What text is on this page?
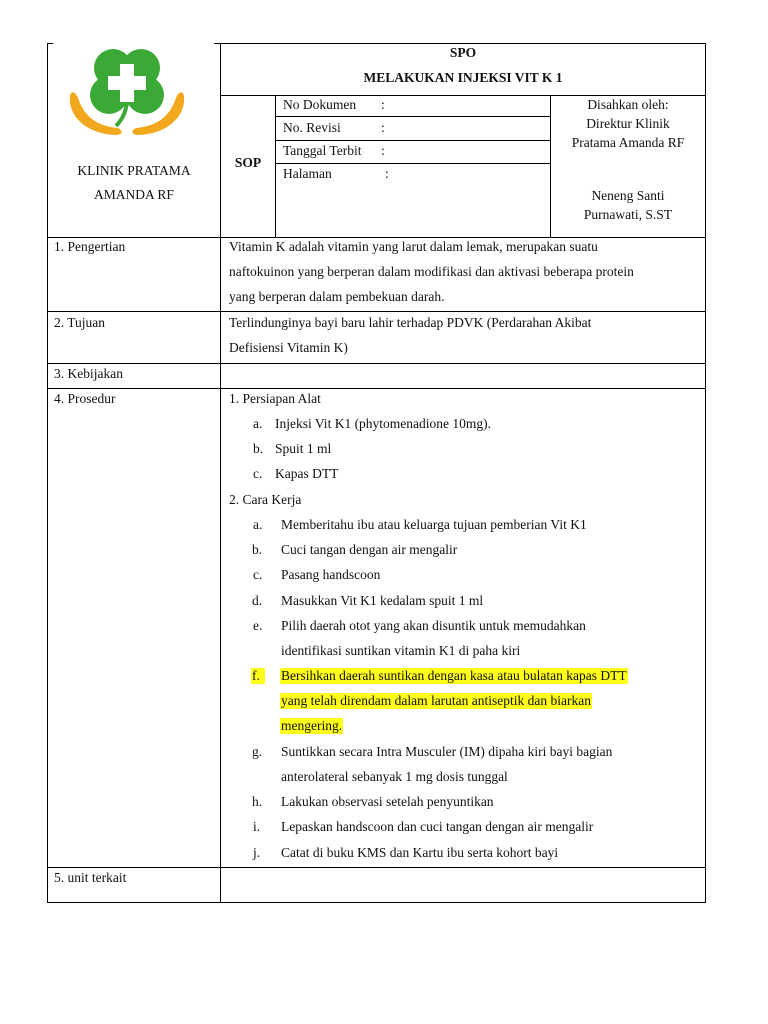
KLINIK PRATAMA
AMANDA RF
SPO
MELAKUKAN INJEKSI VIT K 1
SOP
No Dokumen :
No. Revisi	:
Tanggal Terbit :
Halaman	:
Disahkan oleh:
Direktur Klinik
Pratama Amanda RF
Neneng Santi
Purnawati, S.ST
1. Pengertian	Vitamin K adalah vitamin yang larut dalam lemak, merupakan suatu
naftokuinon yang berperan dalam modifikasi dan aktivasi beberapa protein
yang berperan dalam pembekuan darah.
2. Tujuan	Terlindunginya bayi baru lahir terhadap PDVK (Perdarahan Akibat
Defisiensi Vitamin K)
3. Kebijakan
4. Prosedur	1. Persiapan Alat
a. Injeksi Vit K1 (phytomenadione 10mg).
b. Spuit 1 ml
c. Kapas DTT
2. Cara Kerja
a. Memberitahu ibu atau keluarga tujuan pemberian Vit K1
b. Cuci tangan dengan air mengalir
c. Pasang handscoon
d. Masukkan Vit K1 kedalam spuit 1 ml
e. Pilih daerah otot yang akan disuntik untuk memudahkan
identifikasi suntikan vitamin K1 di paha kiri
f.	Bersihkan daerah suntikan dengan kasa atau bulatan kapas DTT
yang telah direndam dalam larutan antiseptik dan biarkan
mengering.
g. Suntikkan secara Intra Musculer (IM) dipaha kiri bayi bagian
anterolateral sebanyak 1 mg dosis tunggal
h. Lakukan observasi setelah penyuntikan
i. Lepaskan handscoon dan cuci tangan dengan air mengalir
j. Catat di buku KMS dan Kartu ibu serta kohort bayi
5. unit terkait
